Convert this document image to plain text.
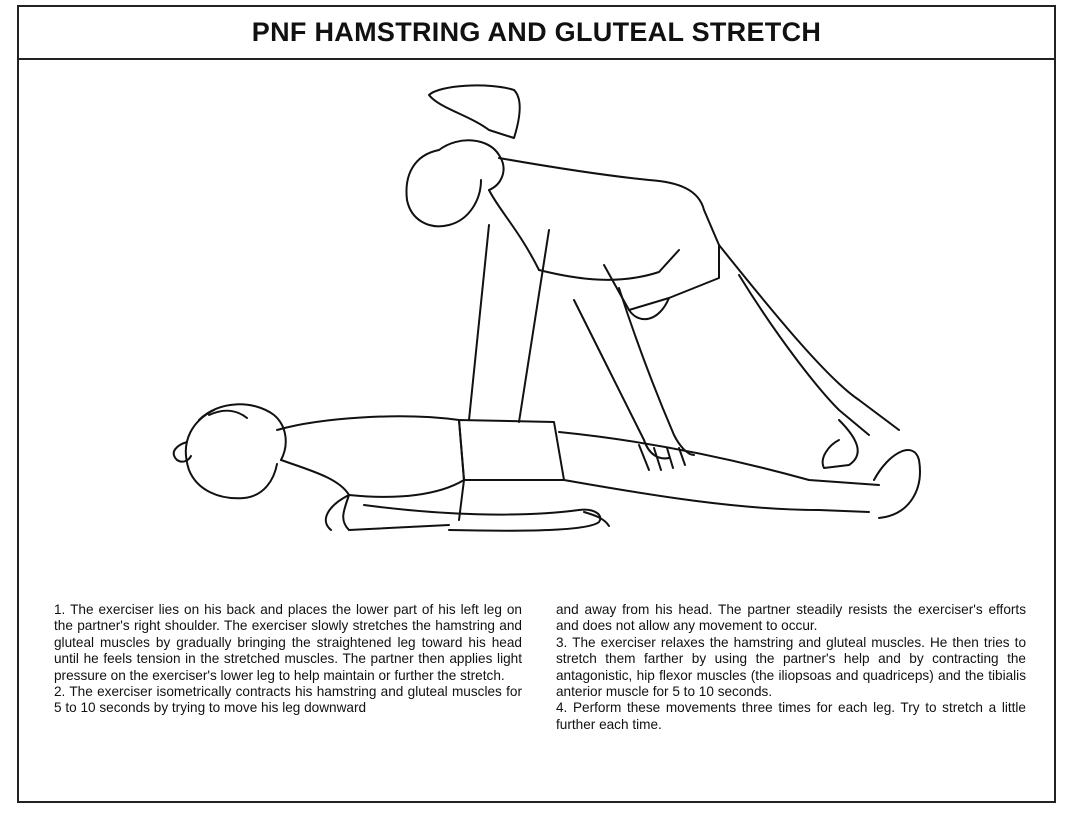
PNF HAMSTRING AND GLUTEAL STRETCH

1. The exerciser lies on his back and places the lower part of his left leg on the partner's right shoulder. The exerciser slowly stretches the hamstring and gluteal muscles by gradually bringing the straightened leg toward his head until he feels tension in the stretched muscles. The partner then applies light pressure on the exerciser's lower leg to help maintain or further the stretch.

2. The exerciser isometrically contracts his hamstring and gluteal muscles for 5 to 10 seconds by trying to move his leg downward

and away from his head. The partner steadily resists the exerciser's efforts and does not allow any movement to occur.

3. The exerciser relaxes the hamstring and gluteal muscles. He then tries to stretch them farther by using the partner's help and by contracting the antagonistic, hip flexor muscles (the iliopsoas and quadriceps) and the tibialis anterior muscle for 5 to 10 seconds.

4. Perform these movements three times for each leg. Try to stretch a little further each time.
